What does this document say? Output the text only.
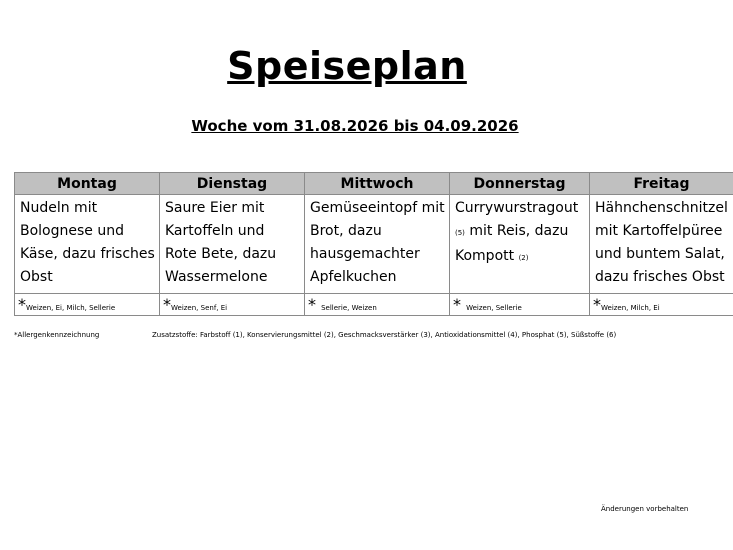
Speiseplan
Woche vom 31.08.2026 bis 04.09.2026
Montag	Dienstag	Mittwoch	Donnerstag	Freitag
Nudeln mit Bolognese und Käse, dazu frisches Obst	Saure Eier mit Kartoffeln und Rote Bete, dazu Wassermelone	Gemüseeintopf mit Brot, dazu hausgemachter Apfelkuchen	Currywurstragout (5) mit Reis, dazu Kompott (2)	Hähnchenschnitzel mit Kartoffelpüree und buntem Salat, dazu frisches Obst
*Weizen, Ei, Milch, Sellerie	*Weizen, Senf, Ei	* Sellerie, Weizen	* Weizen, Sellerie	*Weizen, Milch, Ei
*Allergenkennzeichnung	Zusatzstoffe: Farbstoff (1), Konservierungsmittel (2), Geschmacksverstärker (3), Antioxidationsmittel (4), Phosphat (5), Süßstoffe (6)
Änderungen vorbehalten
